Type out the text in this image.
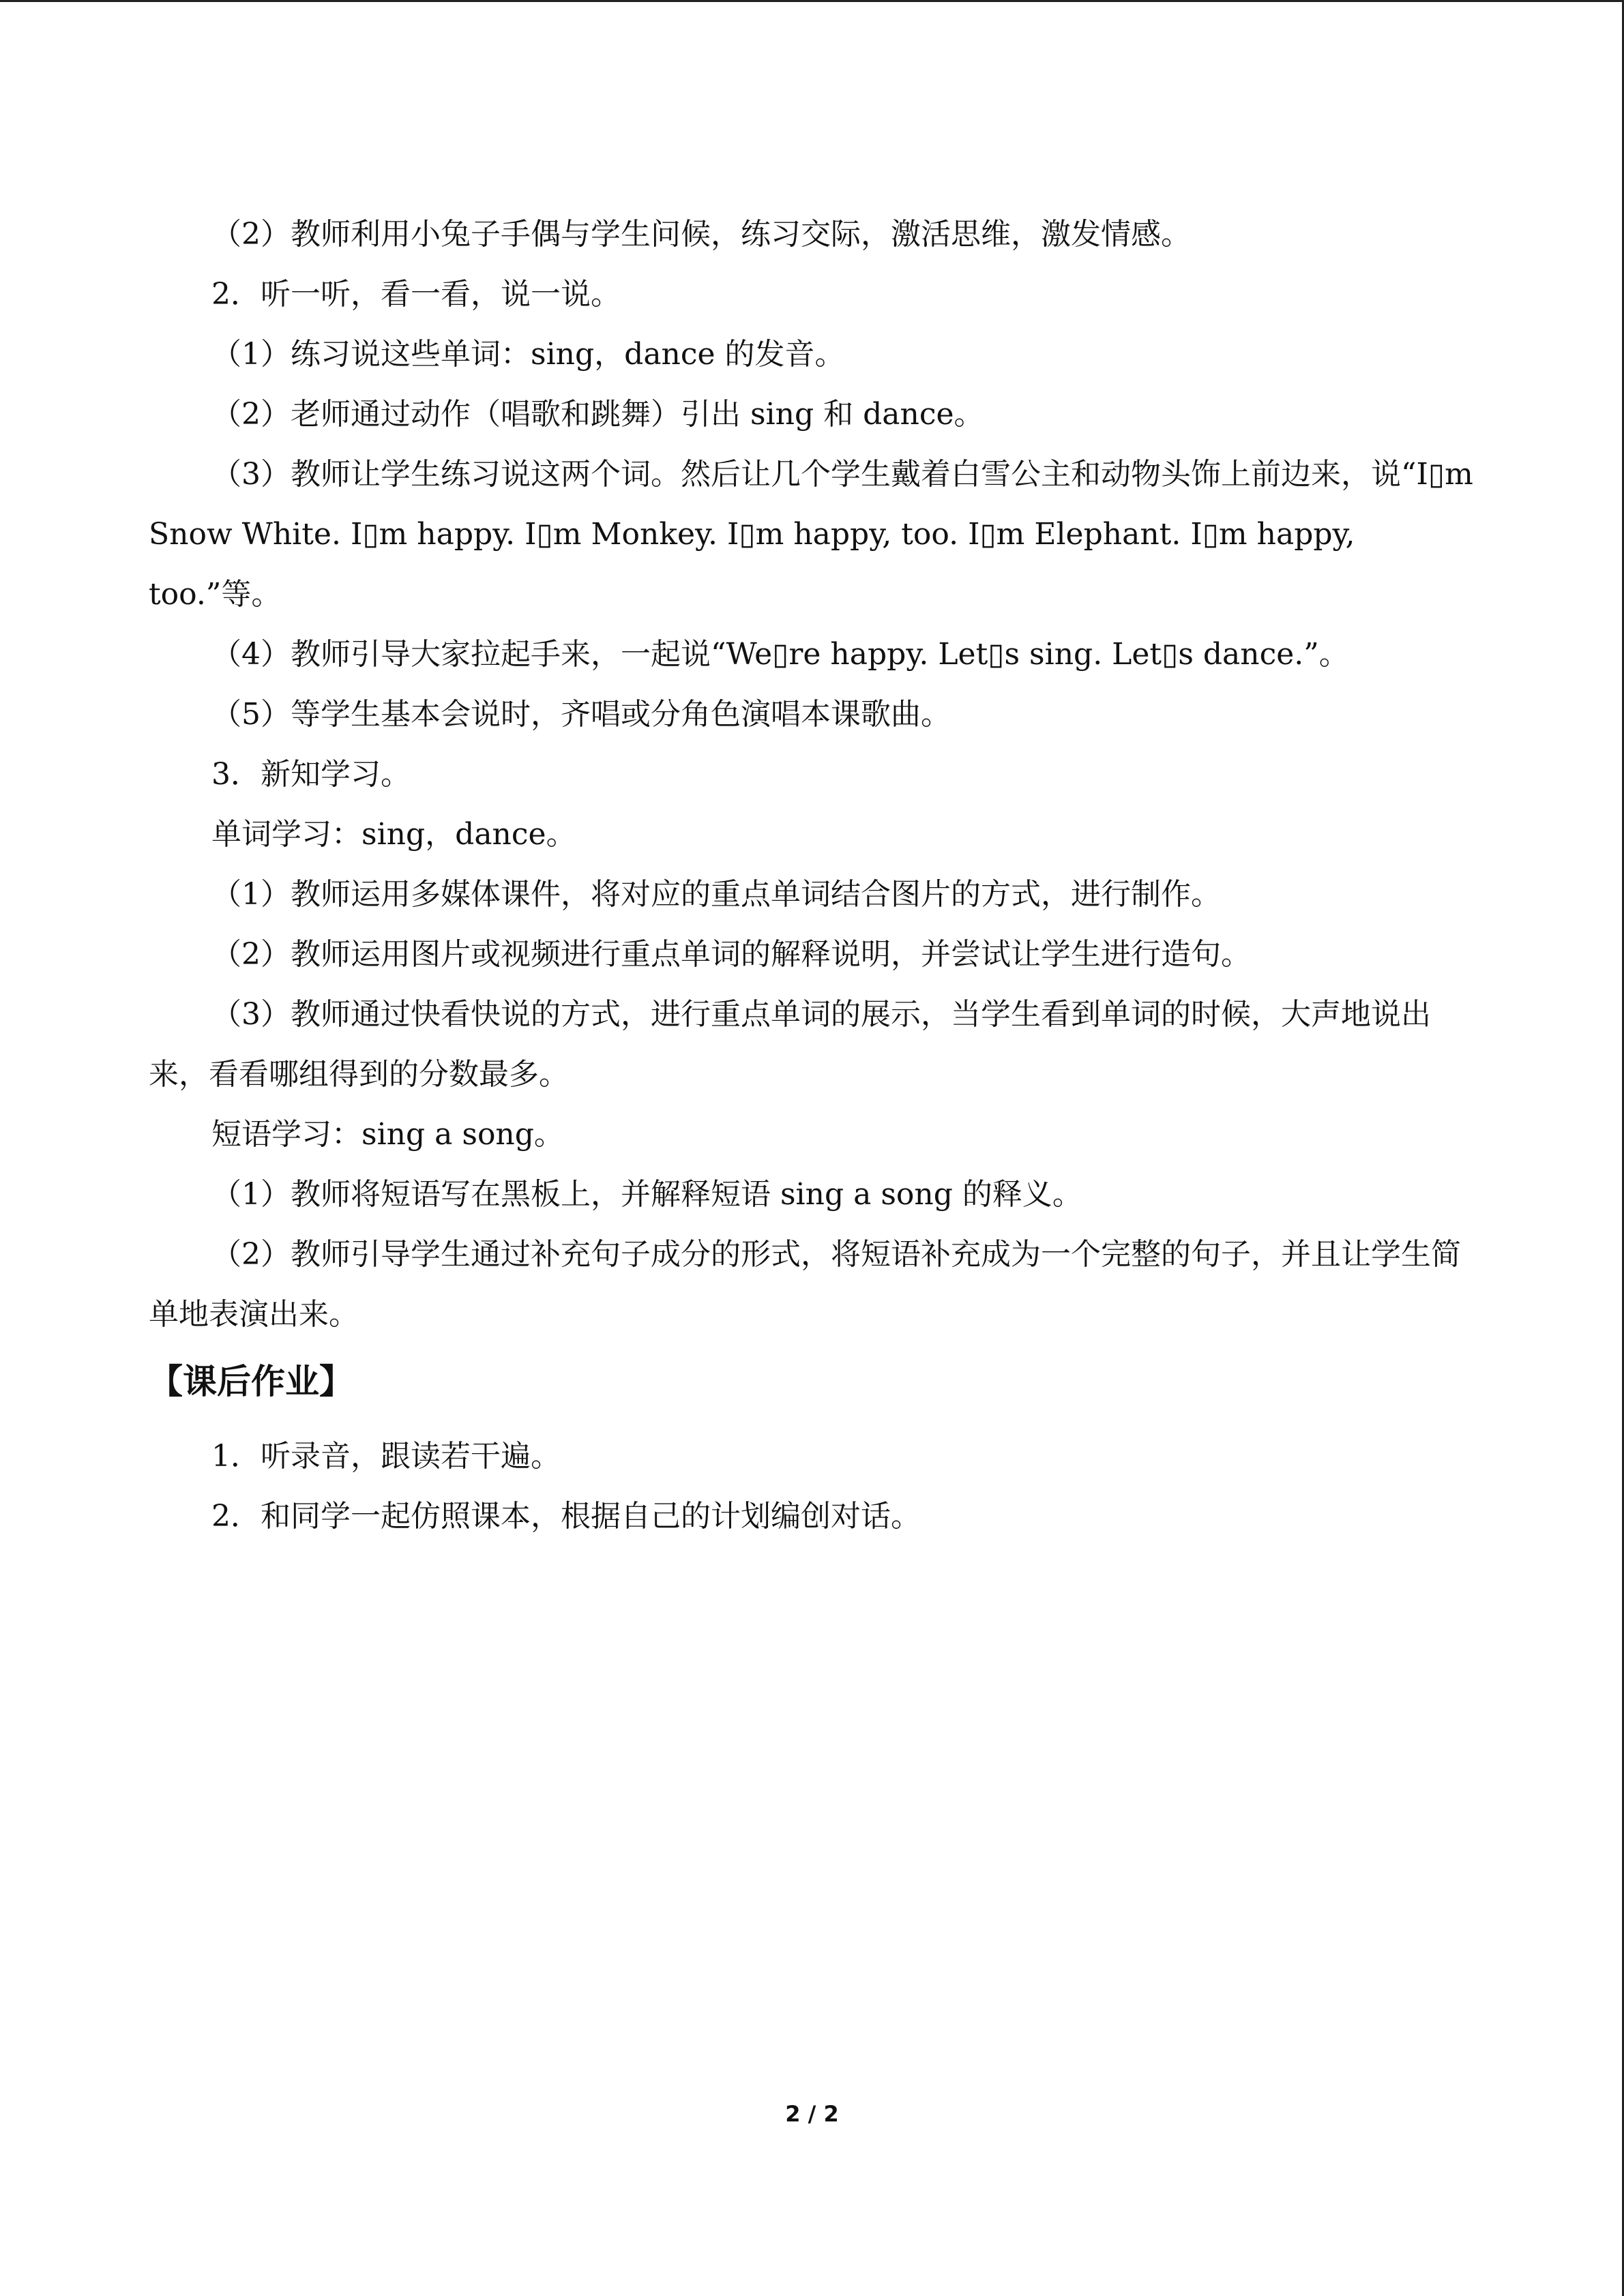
（2）教师利用小兔子手偶与学生问候，练习交际，激活思维，激发情感。

2．听一听，看一看，说一说。

（1）练习说这些单词：sing，dance 的发音。

（2）老师通过动作（唱歌和跳舞）引出 sing 和 dance。

（3）教师让学生练习说这两个词。然后让几个学生戴着白雪公主和动物头饰上前边来，说“I▯m Snow White. I▯m happy. I▯m Monkey. I▯m happy, too. I▯m Elephant. I▯m happy, too.”等。

（4）教师引导大家拉起手来，一起说“We▯re happy. Let▯s sing. Let▯s dance.”。

（5）等学生基本会说时，齐唱或分角色演唱本课歌曲。

3．新知学习。

单词学习：sing，dance。

（1）教师运用多媒体课件，将对应的重点单词结合图片的方式，进行制作。

（2）教师运用图片或视频进行重点单词的解释说明，并尝试让学生进行造句。

（3）教师通过快看快说的方式，进行重点单词的展示，当学生看到单词的时候，大声地说出来，看看哪组得到的分数最多。

短语学习：sing a song。

（1）教师将短语写在黑板上，并解释短语 sing a song 的释义。

（2）教师引导学生通过补充句子成分的形式，将短语补充成为一个完整的句子，并且让学生简单地表演出来。

【课后作业】

1．听录音，跟读若干遍。

2．和同学一起仿照课本，根据自己的计划编创对话。

2 / 2
